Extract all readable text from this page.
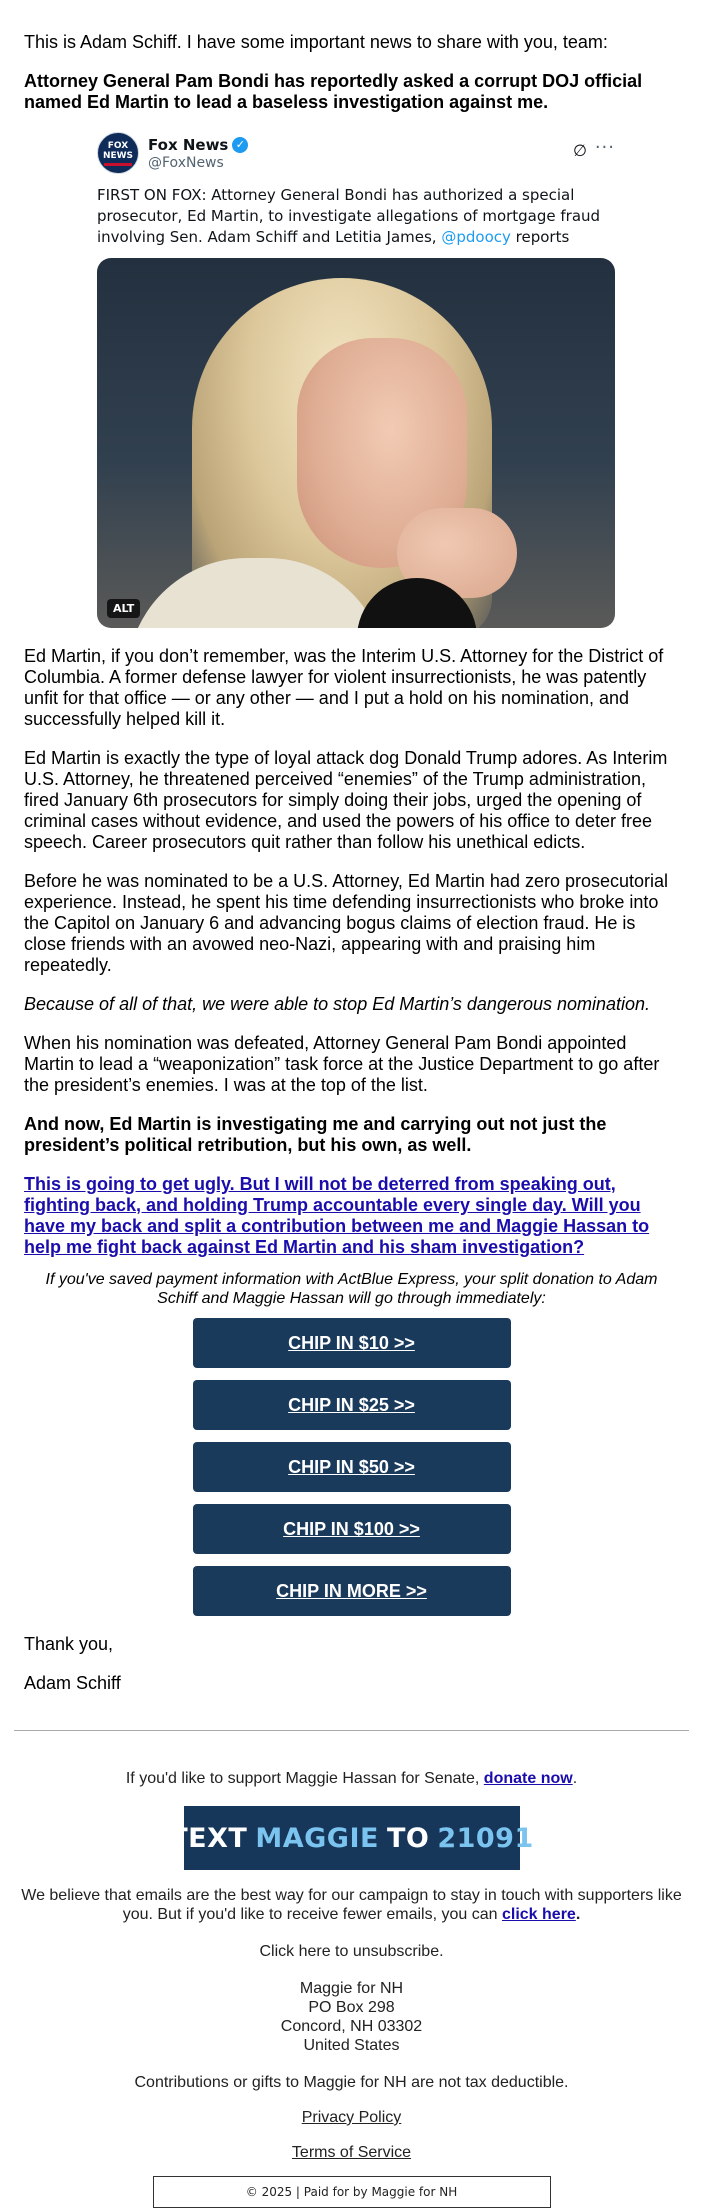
This is Adam Schiff. I have some important news to share with you, team:

Attorney General Pam Bondi has reportedly asked a corrupt DOJ official named Ed Martin to lead a baseless investigation against me.

FOX NEWS
Fox News ✓
@FoxNews
∅ ···
FIRST ON FOX: Attorney General Bondi has authorized a special prosecutor, Ed Martin, to investigate allegations of mortgage fraud involving Sen. Adam Schiff and Letitia James, @pdoocy reports
ALT

Ed Martin, if you don’t remember, was the Interim U.S. Attorney for the District of Columbia. A former defense lawyer for violent insurrectionists, he was patently unfit for that office — or any other — and I put a hold on his nomination, and successfully helped kill it.

Ed Martin is exactly the type of loyal attack dog Donald Trump adores. As Interim U.S. Attorney, he threatened perceived “enemies” of the Trump administration, fired January 6th prosecutors for simply doing their jobs, urged the opening of criminal cases without evidence, and used the powers of his office to deter free speech. Career prosecutors quit rather than follow his unethical edicts.

Before he was nominated to be a U.S. Attorney, Ed Martin had zero prosecutorial experience. Instead, he spent his time defending insurrectionists who broke into the Capitol on January 6 and advancing bogus claims of election fraud. He is close friends with an avowed neo-Nazi, appearing with and praising him repeatedly.

Because of all of that, we were able to stop Ed Martin’s dangerous nomination.

When his nomination was defeated, Attorney General Pam Bondi appointed Martin to lead a “weaponization” task force at the Justice Department to go after the president’s enemies. I was at the top of the list.

And now, Ed Martin is investigating me and carrying out not just the president’s political retribution, but his own, as well.

This is going to get ugly. But I will not be deterred from speaking out, fighting back, and holding Trump accountable every single day. Will you have my back and split a contribution between me and Maggie Hassan to help me fight back against Ed Martin and his sham investigation?

If you've saved payment information with ActBlue Express, your split donation to Adam Schiff and Maggie Hassan will go through immediately:

CHIP IN $10 >>
CHIP IN $25 >>
CHIP IN $50 >>
CHIP IN $100 >>
CHIP IN MORE >>

Thank you,

Adam Schiff

If you'd like to support Maggie Hassan for Senate, donate now.

TEXT MAGGIE TO 21091

We believe that emails are the best way for our campaign to stay in touch with supporters like you. But if you'd like to receive fewer emails, you can click here.

Click here to unsubscribe.

Maggie for NH
PO Box 298
Concord, NH 03302
United States

Contributions or gifts to Maggie for NH are not tax deductible.

Privacy Policy

Terms of Service

© 2025 | Paid for by Maggie for NH
